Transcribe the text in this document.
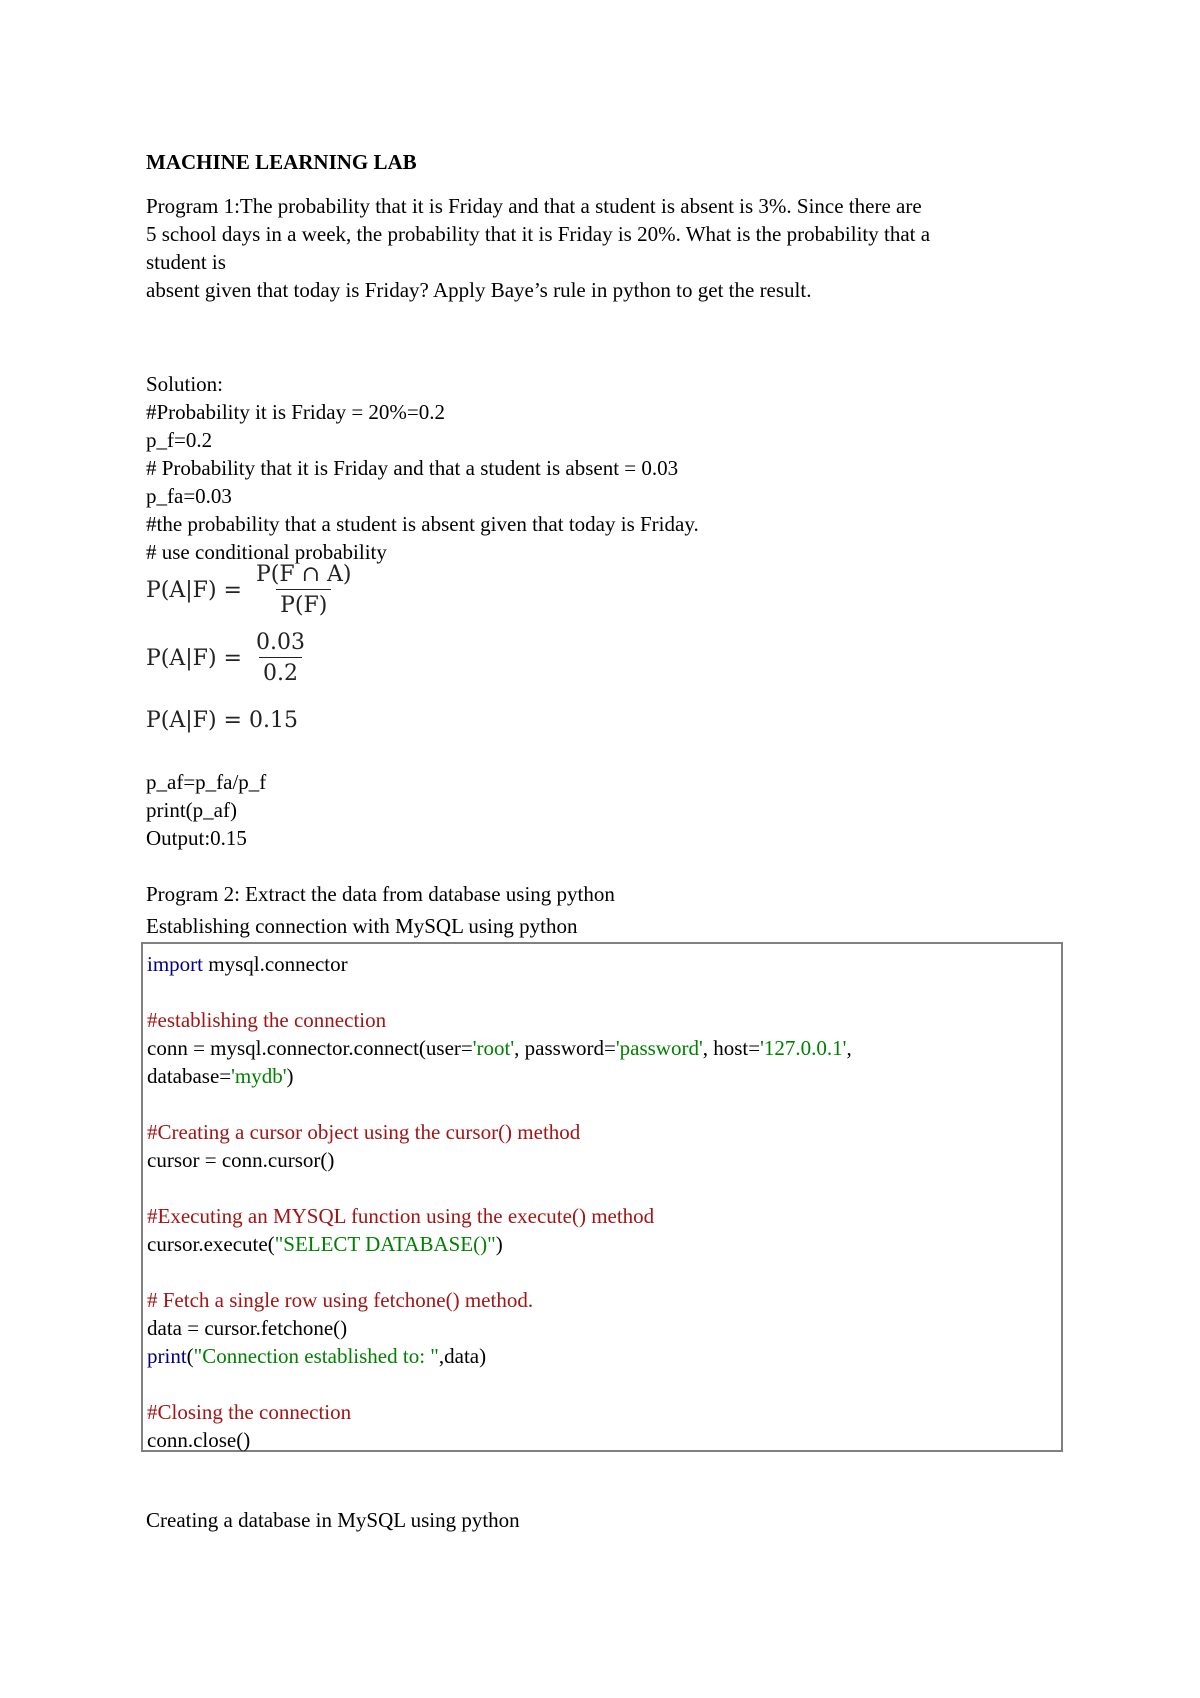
MACHINE LEARNING LAB
Program 1:The probability that it is Friday and that a student is absent is 3%. Since there are
5 school days in a week, the probability that it is Friday is 20%. What is the probability that a
student is
absent given that today is Friday? Apply Baye’s rule in python to get the result.
Solution:
#Probability it is Friday = 20%=0.2
p_f=0.2
# Probability that it is Friday and that a student is absent = 0.03
p_fa=0.03
#the probability that a student is absent given that today is Friday.
# use conditional probability
$P(A|F) = \frac{P(F \cap A)}{P(F)}$
$P(A|F) = \frac{0.03}{0.2}$
P(A|F) = 0.15
p_af=p_fa/p_f
print(p_af)
Output:0.15
Program 2: Extract the data from database using python
Establishing connection with MySQL using python
import mysql.connector
#establishing the connection
conn = mysql.connector.connect(user='root', password='password', host='127.0.0.1',
database='mydb')
#Creating a cursor object using the cursor() method
cursor = conn.cursor()
#Executing an MYSQL function using the execute() method
cursor.execute("SELECT DATABASE()")
# Fetch a single row using fetchone() method.
data = cursor.fetchone()
print("Connection established to: ",data)
#Closing the connection
conn.close()
Creating a database in MySQL using python
